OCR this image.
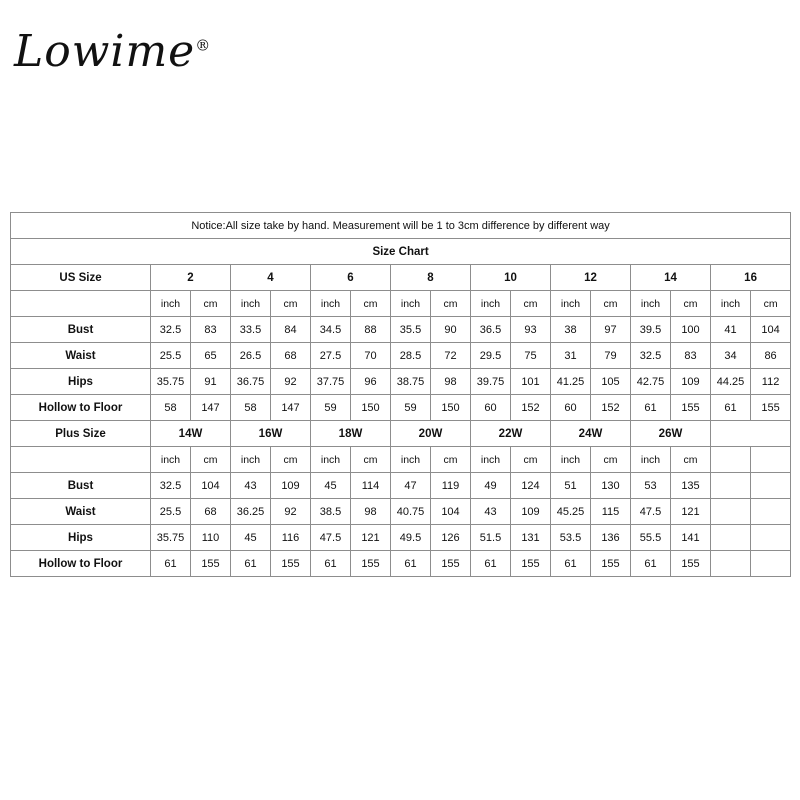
Lowime®
Notice:All size take by hand. Measurement will be 1 to 3cm difference by different way																
Size Chart																
US Size	2		4		6		8		10		12		14		16	
	inch	cm	inch	cm	inch	cm	inch	cm	inch	cm	inch	cm	inch	cm	inch	cm
Bust	32.5	83	33.5	84	34.5	88	35.5	90	36.5	93	38	97	39.5	100	41	104
Waist	25.5	65	26.5	68	27.5	70	28.5	72	29.5	75	31	79	32.5	83	34	86
Hips	35.75	91	36.75	92	37.75	96	38.75	98	39.75	101	41.25	105	42.75	109	44.25	112
Hollow to Floor	58	147	58	147	59	150	59	150	60	152	60	152	61	155	61	155
Plus Size	14W		16W		18W		20W		22W		24W		26W			
	inch	cm	inch	cm	inch	cm	inch	cm	inch	cm	inch	cm	inch	cm		
Bust	32.5	104	43	109	45	114	47	119	49	124	51	130	53	135		
Waist	25.5	68	36.25	92	38.5	98	40.75	104	43	109	45.25	115	47.5	121		
Hips	35.75	110	45	116	47.5	121	49.5	126	51.5	131	53.5	136	55.5	141		
Hollow to Floor	61	155	61	155	61	155	61	155	61	155	61	155	61	155		
